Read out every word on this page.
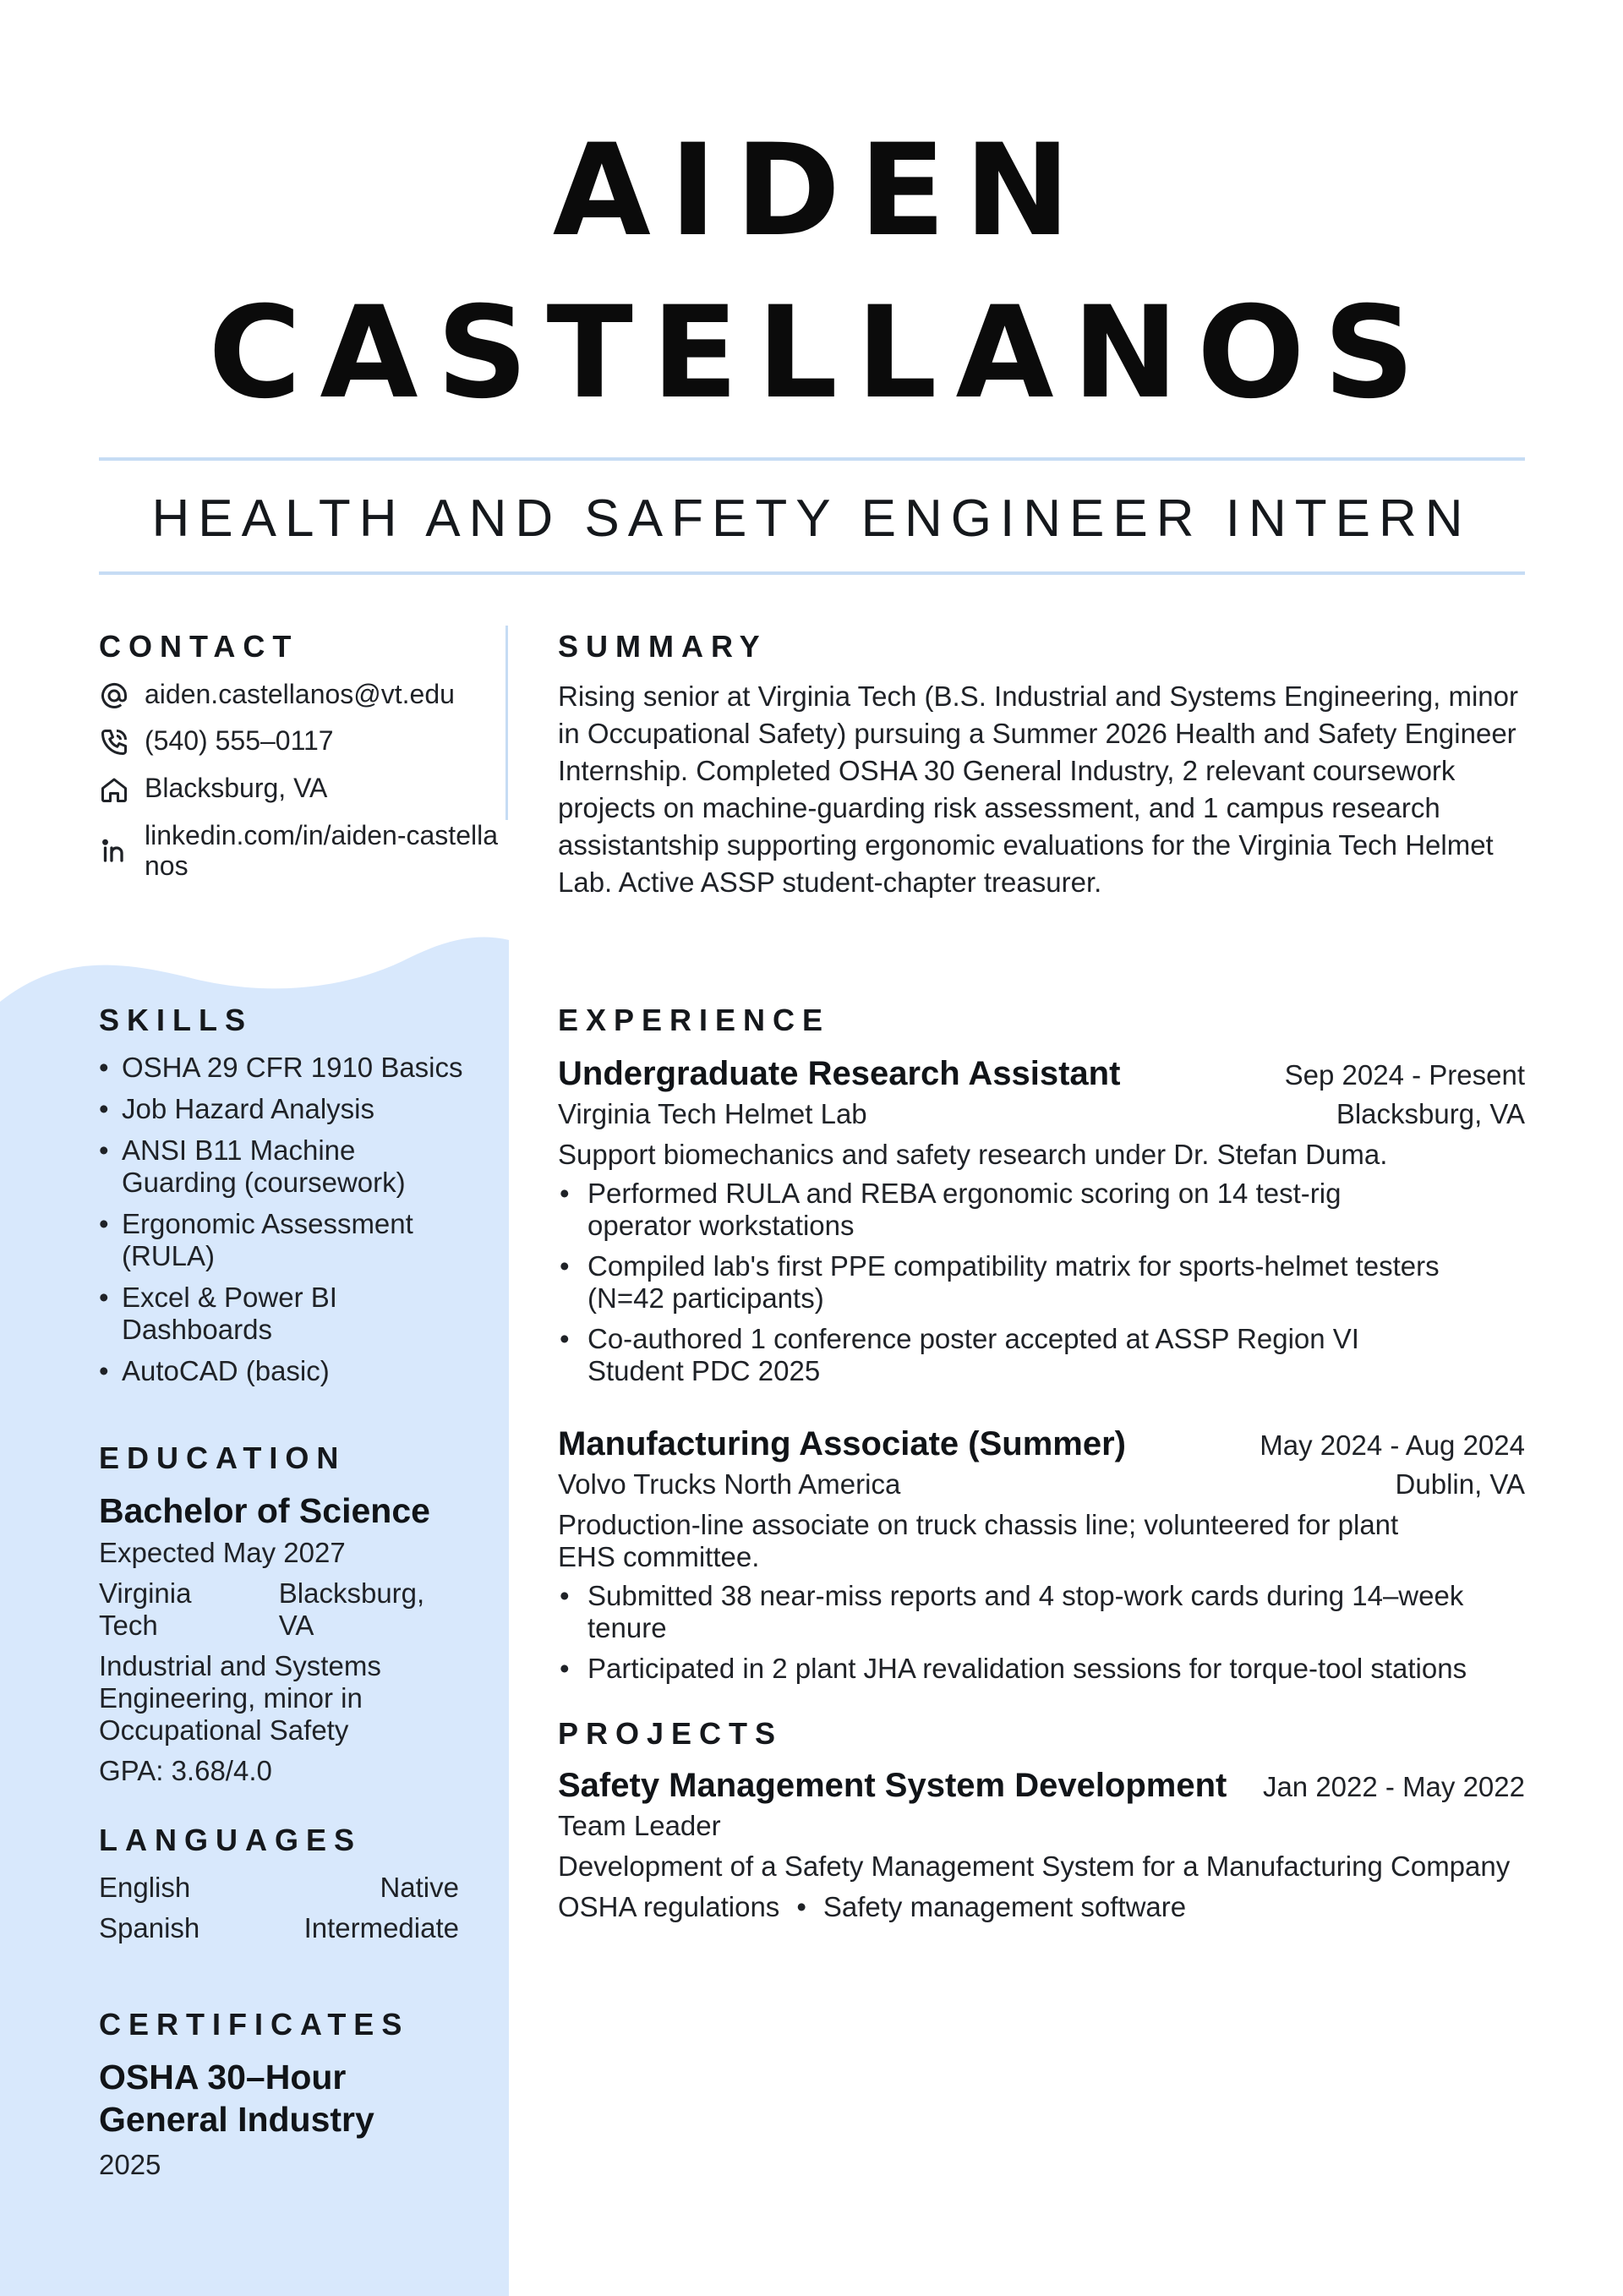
AIDEN
CASTELLANOS
HEALTH AND SAFETY ENGINEER INTERN
CONTACT
aiden.castellanos@vt.edu
(540) 555–0117
Blacksburg, VA
linkedin.com/in/aiden-castella
nos
SKILLS
• OSHA 29 CFR 1910 Basics
• Job Hazard Analysis
• ANSI B11 Machine Guarding (coursework)
• Ergonomic Assessment (RULA)
• Excel & Power BI Dashboards
• AutoCAD (basic)
EDUCATION
Bachelor of Science
Expected May 2027
Virginia Tech
Blacksburg, VA
Industrial and Systems Engineering, minor in Occupational Safety
GPA: 3.68/4.0
LANGUAGES
English	Native
Spanish	Intermediate
CERTIFICATES
OSHA 30–Hour General Industry
2025
SUMMARY
Rising senior at Virginia Tech (B.S. Industrial and Systems Engineering, minor in Occupational Safety) pursuing a Summer 2026 Health and Safety Engineer Internship. Completed OSHA 30 General Industry, 2 relevant coursework projects on machine-guarding risk assessment, and 1 campus research assistantship supporting ergonomic evaluations for the Virginia Tech Helmet Lab. Active ASSP student-chapter treasurer.
EXPERIENCE
Undergraduate Research Assistant	Sep 2024 - Present
Virginia Tech Helmet Lab	Blacksburg, VA
Support biomechanics and safety research under Dr. Stefan Duma.
• Performed RULA and REBA ergonomic scoring on 14 test-rig operator workstations
• Compiled lab's first PPE compatibility matrix for sports-helmet testers (N=42 participants)
• Co-authored 1 conference poster accepted at ASSP Region VI Student PDC 2025
Manufacturing Associate (Summer)	May 2024 - Aug 2024
Volvo Trucks North America	Dublin, VA
Production-line associate on truck chassis line; volunteered for plant EHS committee.
• Submitted 38 near-miss reports and 4 stop-work cards during 14–week tenure
• Participated in 2 plant JHA revalidation sessions for torque-tool stations
PROJECTS
Safety Management System Development Jan 2022 - May 2022
Team Leader
Development of a Safety Management System for a Manufacturing Company
OSHA regulations • Safety management software
